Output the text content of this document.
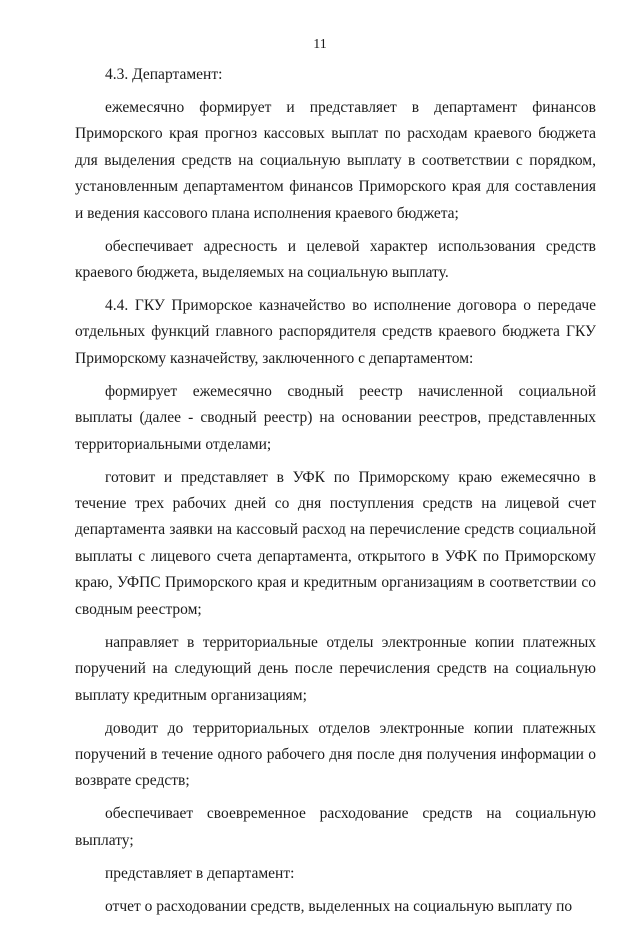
11

4.3. Департамент:

ежемесячно формирует и представляет в департамент финансов Приморского края прогноз кассовых выплат по расходам краевого бюджета для выделения средств на социальную выплату в соответствии с порядком, установленным департаментом финансов Приморского края для составления и ведения кассового плана исполнения краевого бюджета;

обеспечивает адресность и целевой характер использования средств краевого бюджета, выделяемых на социальную выплату.

4.4. ГКУ Приморское казначейство во исполнение договора о передаче отдельных функций главного распорядителя средств краевого бюджета ГКУ Приморскому казначейству, заключенного с департаментом:

формирует ежемесячно сводный реестр начисленной социальной выплаты (далее - сводный реестр) на основании реестров, представленных территориальными отделами;

готовит и представляет в УФК по Приморскому краю ежемесячно в течение трех рабочих дней со дня поступления средств на лицевой счет департамента заявки на кассовый расход на перечисление средств социальной выплаты с лицевого счета департамента, открытого в УФК по Приморскому краю, УФПС Приморского края и кредитным организациям в соответствии со сводным реестром;

направляет в территориальные отделы электронные копии платежных поручений на следующий день после перечисления средств на социальную выплату кредитным организациям;

доводит до территориальных отделов электронные копии платежных поручений в течение одного рабочего дня после дня получения информации о возврате средств;

обеспечивает своевременное расходование средств на социальную выплату;

представляет в департамент:

отчет о расходовании средств, выделенных на социальную выплату по
